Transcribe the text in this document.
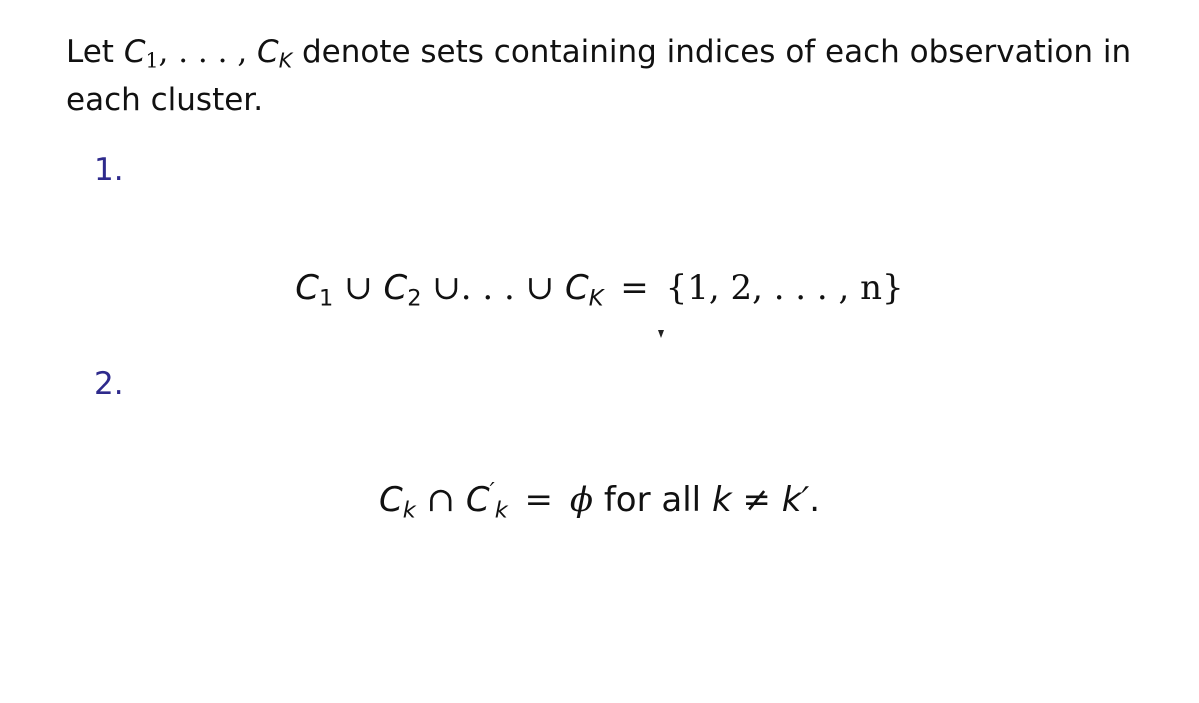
Let $C_1$, . . . , $C_K$ denote sets containing indices of each observation in each cluster.
1.
$C_1$ ∪ $C_2$ ∪. . . ∪ $C_K = \{1$, 2, . . . , n}
2.
$C_k$ ∩ $C'_k = \phi$ for all k ≠ k′.
